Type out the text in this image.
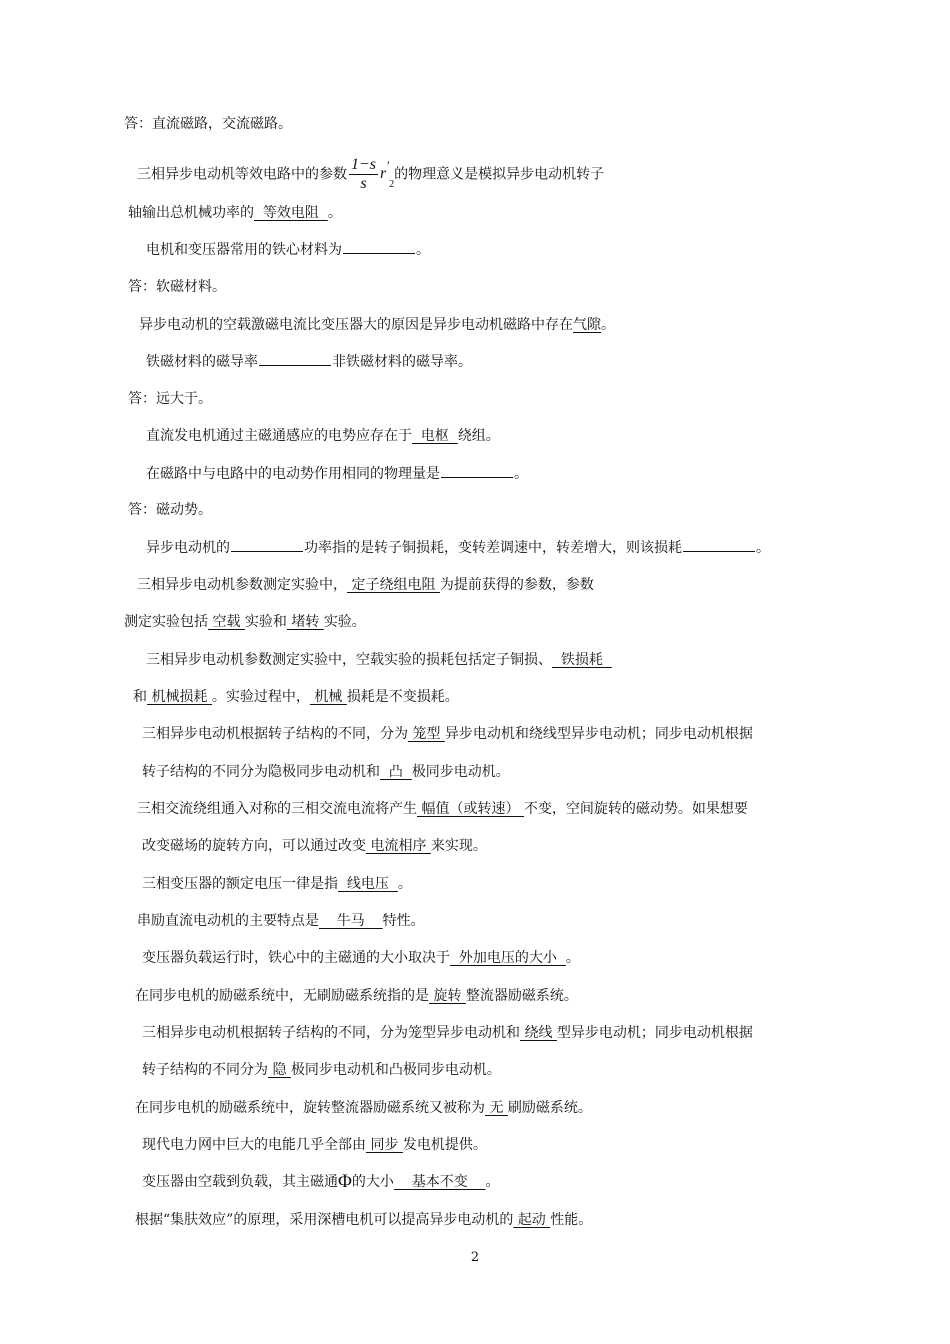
答：直流磁路，交流磁路。
三相异步电动机等效电路中的参数 $\frac{1-s}{s} r'_2$的物理意义是模拟异步电动机转子
轴输出总机械功率的  等效电阻  。
电机和变压器常用的铁心材料为	。
答：软磁材料。
异步电动机的空载激磁电流比变压器大的原因是异步电动机磁路中存在气隙。
铁磁材料的磁导率	非铁磁材料的磁导率。
答：远大于。
直流发电机通过主磁通感应的电势应存在于  电枢  绕组。
在磁路中与电路中的电动势作用相同的物理量是	。
答：磁动势。
异步电动机的	功率指的是转子铜损耗，变转差调速中，转差增大，则该损耗	。
三相异步电动机参数测定实验中， 定子绕组电阻 为提前获得的参数，参数
测定实验包括 空载 实验和 堵转 实验。
三相异步电动机参数测定实验中，空载实验的损耗包括定子铜损、  铁损耗
和 机械损耗 。实验过程中， 机械 损耗是不变损耗。
三相异步电动机根据转子结构的不同，分为 笼型 异步电动机和绕线型异步电动机；同步电动机根据
转子结构的不同分为隐极同步电动机和  凸  极同步电动机。
三相交流绕组通入对称的三相交流电流将产生 幅值（或转速） 不变，空间旋转的磁动势。如果想要
改变磁场的旋转方向，可以通过改变 电流相序 来实现。
三相变压器的额定电压一律是指  线电压  。
串励直流电动机的主要特点是    牛马    特性。
变压器负载运行时，铁心中的主磁通的大小取决于  外加电压的大小  。
在同步电机的励磁系统中，无刷励磁系统指的是 旋转 整流器励磁系统。
三相异步电动机根据转子结构的不同，分为笼型异步电动机和 绕线 型异步电动机；同步电动机根据
转子结构的不同分为 隐 极同步电动机和凸极同步电动机。
在同步电机的励磁系统中，旋转整流器励磁系统又被称为 无 刷励磁系统。
现代电力网中巨大的电能几乎全部由 同步 发电机提供。
变压器由空载到负载，其主磁通Φ的大小    基本不变    。
根据“集肤效应”的原理，采用深槽电机可以提高异步电动机的 起动 性能。
2
